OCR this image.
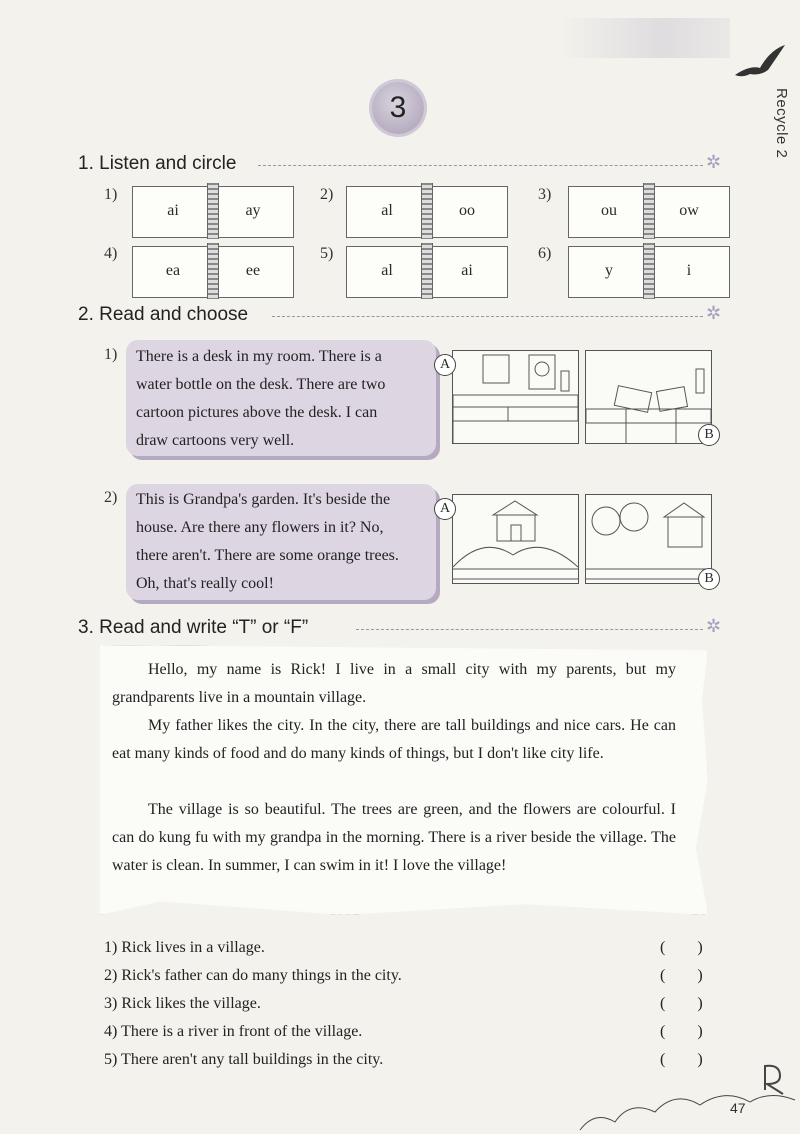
Recycle 2
3
1. Listen and circle	✲
1)
ai	ay
2)
al	oo
3)
ou	ow
4)
ea	ee
5)
al	ai
6)
y	i
2. Read and choose	✲
1) There is a desk in my room. There is a water bottle on the desk. There are two cartoon pictures above the desk. I can draw cartoons very well.
A
B
2) This is Grandpa's garden. It's beside the house. Are there any flowers in it? No, there aren't. There are some orange trees. Oh, that's really cool!
A
B
3. Read and write “T” or “F”	✲
Hello, my name is Rick! I live in a small city with my parents, but my grandparents live in a mountain village.
My father likes the city. In the city, there are tall buildings and nice cars. He can eat many kinds of food and do many kinds of things, but I don't like city life.
The village is so beautiful. The trees are green, and the flowers are colourful. I can do kung fu with my grandpa in the morning. There is a river beside the village. The water is clean. In summer, I can swim in it! I love the village!
1) Rick lives in a village.	(        )
2) Rick's father can do many things in the city.	(        )
3) Rick likes the village.	(        )
4) There is a river in front of the village.	(        )
5) There aren't any tall buildings in the city.	(        )
47
